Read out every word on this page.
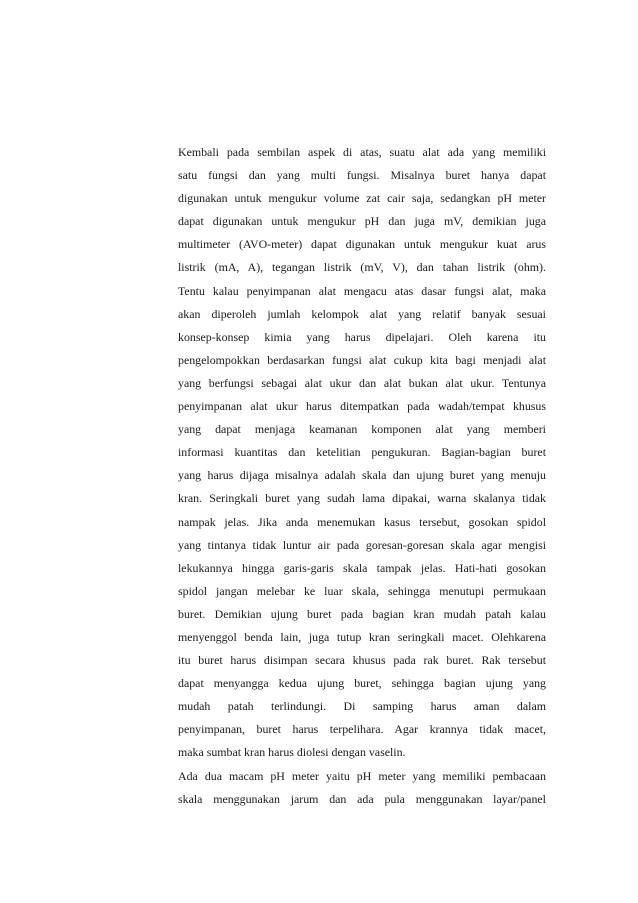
Kembali pada sembilan aspek di atas, suatu alat ada yang memiliki
satu fungsi dan yang multi fungsi. Misalnya buret hanya dapat
digunakan untuk mengukur volume zat cair saja, sedangkan pH meter
dapat digunakan untuk mengukur pH dan juga mV, demikian juga
multimeter (AVO-meter) dapat digunakan untuk mengukur kuat arus
listrik (mA, A), tegangan listrik (mV, V), dan tahan listrik (ohm).
Tentu kalau penyimpanan alat mengacu atas dasar fungsi alat, maka
akan diperoleh jumlah kelompok alat yang relatif banyak sesuai
konsep-konsep kimia yang harus dipelajari. Oleh karena itu
pengelompokkan berdasarkan fungsi alat cukup kita bagi menjadi alat
yang berfungsi sebagai alat ukur dan alat bukan alat ukur. Tentunya
penyimpanan alat ukur harus ditempatkan pada wadah/tempat khusus
yang dapat menjaga keamanan komponen alat yang memberi
informasi kuantitas dan ketelitian pengukuran. Bagian-bagian buret
yang harus dijaga misalnya adalah skala dan ujung buret yang menuju
kran. Seringkali buret yang sudah lama dipakai, warna skalanya tidak
nampak jelas. Jika anda menemukan kasus tersebut, gosokan spidol
yang tintanya tidak luntur air pada goresan-goresan skala agar mengisi
lekukannya hingga garis-garis skala tampak jelas. Hati-hati gosokan
spidol jangan melebar ke luar skala, sehingga menutupi permukaan
buret. Demikian ujung buret pada bagian kran mudah patah kalau
menyenggol benda lain, juga tutup kran seringkali macet. Olehkarena
itu buret harus disimpan secara khusus pada rak buret. Rak tersebut
dapat menyangga kedua ujung buret, sehingga bagian ujung yang
mudah patah terlindungi. Di samping harus aman dalam
penyimpanan, buret harus terpelihara. Agar krannya tidak macet,
maka sumbat kran harus diolesi dengan vaselin.
Ada dua macam pH meter yaitu pH meter yang memiliki pembacaan
skala menggunakan jarum dan ada pula menggunakan layar/panel
